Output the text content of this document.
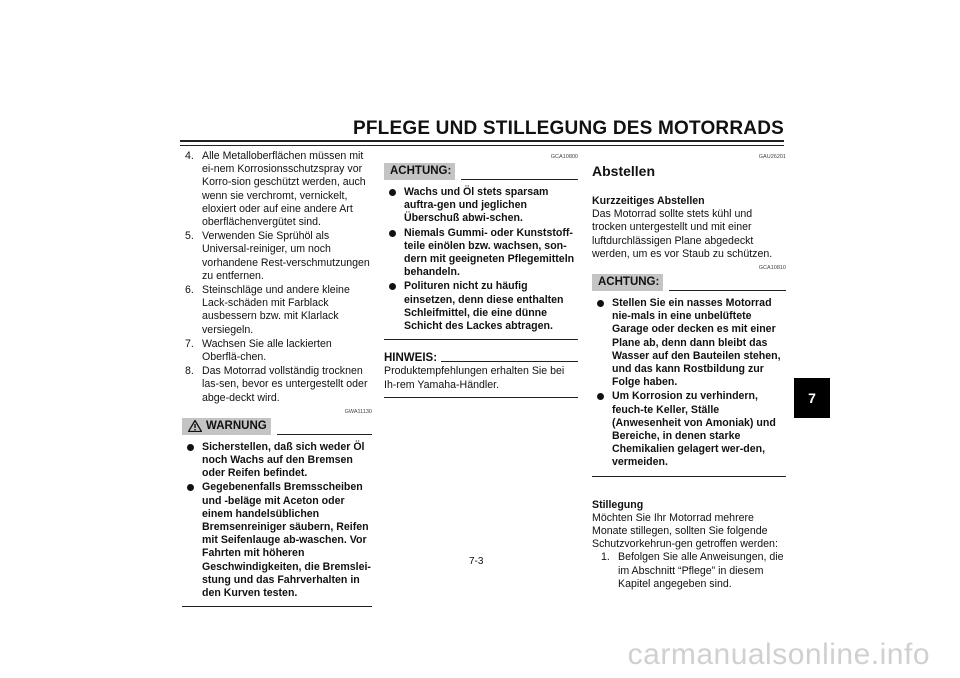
PFLEGE UND STILLEGUNG DES MOTORRADS
4. Alle Metalloberflächen müssen mit ei-nem Korrosionsschutzspray vor Korro-sion geschützt werden, auch wenn sie verchromt, vernickelt, eloxiert oder auf eine andere Art oberflächenvergütet sind.
5. Verwenden Sie Sprühöl als Universal-reiniger, um noch vorhandene Rest-verschmutzungen zu entfernen.
6. Steinschläge und andere kleine Lack-schäden mit Farblack ausbessern bzw. mit Klarlack versiegeln.
7. Wachsen Sie alle lackierten Oberflä-chen.
8. Das Motorrad vollständig trocknen las-sen, bevor es untergestellt oder abge-deckt wird.
GWA11130
WARNUNG
Sicherstellen, daß sich weder Öl noch Wachs auf den Bremsen oder Reifen befindet.
Gegebenenfalls Bremsscheiben und -beläge mit Aceton oder einem handelsüblichen Bremsenreiniger säubern, Reifen mit Seifenlauge ab-waschen. Vor Fahrten mit höheren Geschwindigkeiten, die Bremslei-stung und das Fahrverhalten in den Kurven testen.
GCA10800
ACHTUNG:
Wachs und Öl stets sparsam auftra-gen und jeglichen Überschuß abwi-schen.
Niemals Gummi- oder Kunststoff-teile einölen bzw. wachsen, son-dern mit geeigneten Pflegemitteln behandeln.
Polituren nicht zu häufig einsetzen, denn diese enthalten Schleifmittel, die eine dünne Schicht des Lackes abtragen.
HINWEIS:

Produktempfehlungen erhalten Sie bei Ih-rem Yamaha-Händler.

GAU26201
Abstellen

Kurzzeitiges Abstellen

Das Motorrad sollte stets kühl und trocken untergestellt und mit einer luftdurchlässigen Plane abgedeckt werden, um es vor Staub zu schützen.

GCA10810
ACHTUNG:
Stellen Sie ein nasses Motorrad nie-mals in eine unbelüftete Garage oder decken es mit einer Plane ab, denn dann bleibt das Wasser auf den Bauteilen stehen, und das kann Rostbildung zur Folge haben.
Um Korrosion zu verhindern, feuch-te Keller, Ställe (Anwesenheit von Amoniak) und Bereiche, in denen starke Chemikalien gelagert wer-den, vermeiden.

Stillegung

Möchten Sie Ihr Motorrad mehrere Monate stillegen, sollten Sie folgende Schutzvorkehrun-gen getroffen werden:

1. Befolgen Sie alle Anweisungen, die im Abschnitt “Pflege” in diesem Kapitel angegeben sind.
7
7-3
carmanualsonline.info
